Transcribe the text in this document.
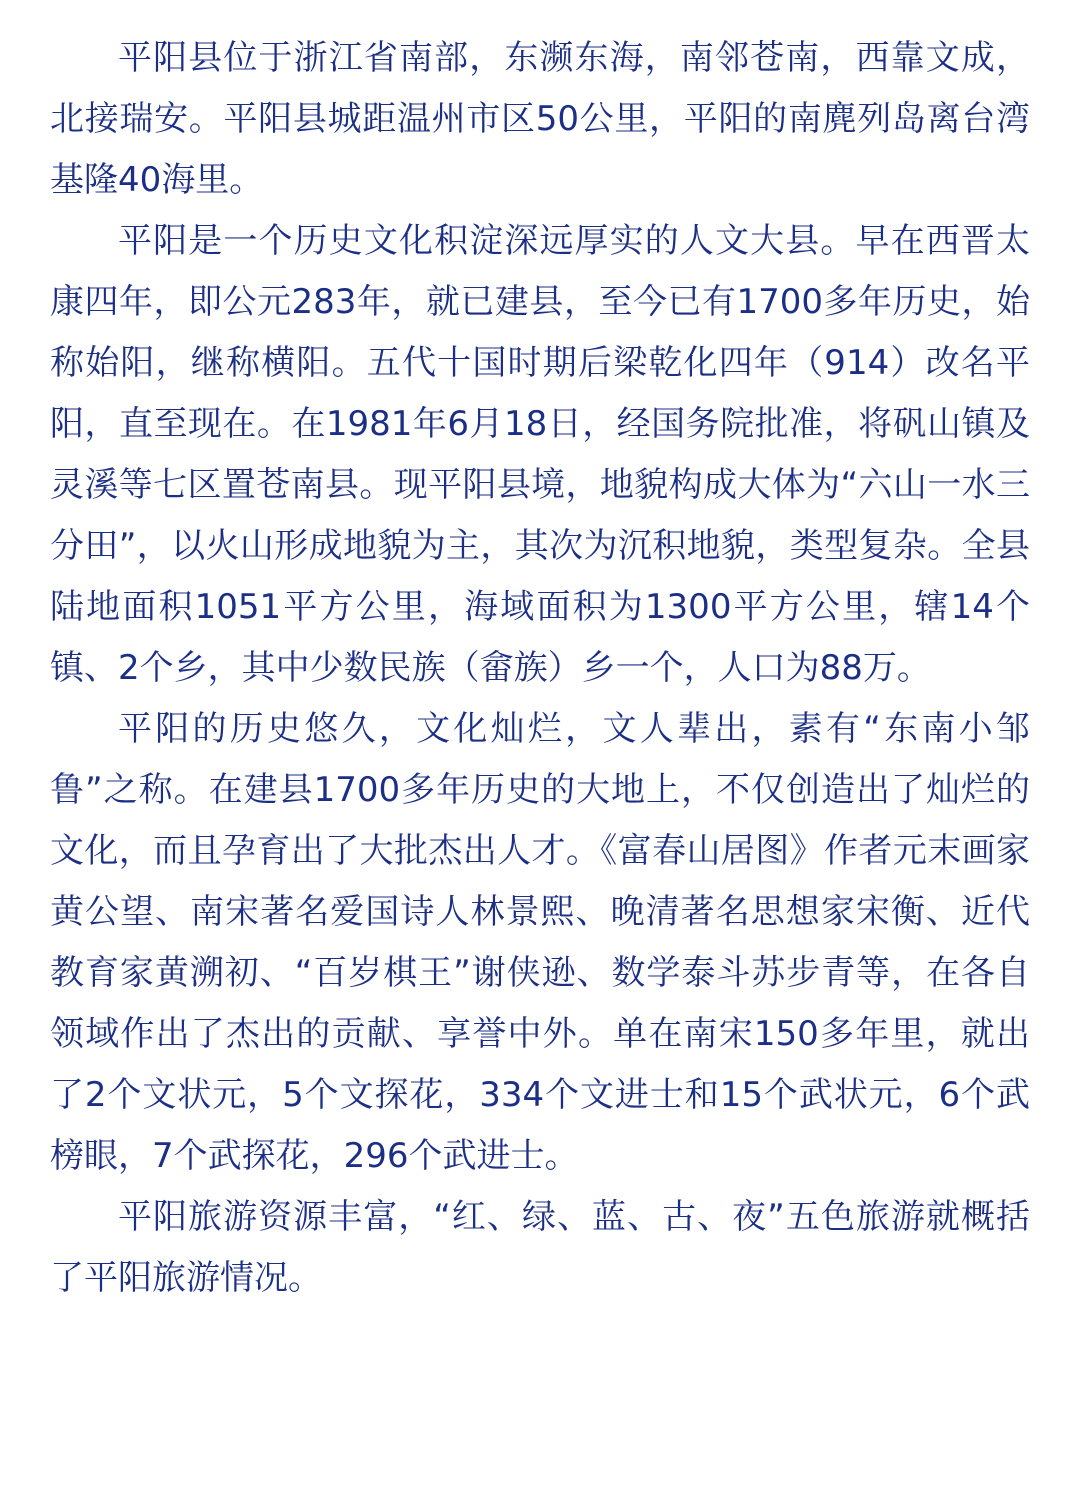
平阳县位于浙江省南部，东濒东海，南邻苍南，西靠文成，北接瑞安。平阳县城距温州市区50公里，平阳的南麂列岛离台湾基隆40海里。

平阳是一个历史文化积淀深远厚实的人文大县。早在西晋太康四年，即公元283年，就已建县，至今已有1700多年历史，始称始阳，继称横阳。五代十国时期后梁乾化四年（914）改名平阳，直至现在。在1981年6月18日，经国务院批准，将矾山镇及灵溪等七区置苍南县。现平阳县境，地貌构成大体为“六山一水三分田”，以火山形成地貌为主，其次为沉积地貌，类型复杂。全县陆地面积1051平方公里，海域面积为1300平方公里，辖14个镇、2个乡，其中少数民族（畲族）乡一个，人口为88万。

平阳的历史悠久，文化灿烂，文人辈出，素有“东南小邹鲁”之称。在建县1700多年历史的大地上，不仅创造出了灿烂的文化，而且孕育出了大批杰出人才。《富春山居图》作者元末画家黄公望、南宋著名爱国诗人林景熙、晚清著名思想家宋衡、近代教育家黄溯初、“百岁棋王”谢侠逊、数学泰斗苏步青等，在各自领域作出了杰出的贡献、享誉中外。单在南宋150多年里，就出了2个文状元，5个文探花，334个文进士和15个武状元，6个武榜眼，7个武探花，296个武进士。

平阳旅游资源丰富，“红、绿、蓝、古、夜”五色旅游就概括了平阳旅游情况。
